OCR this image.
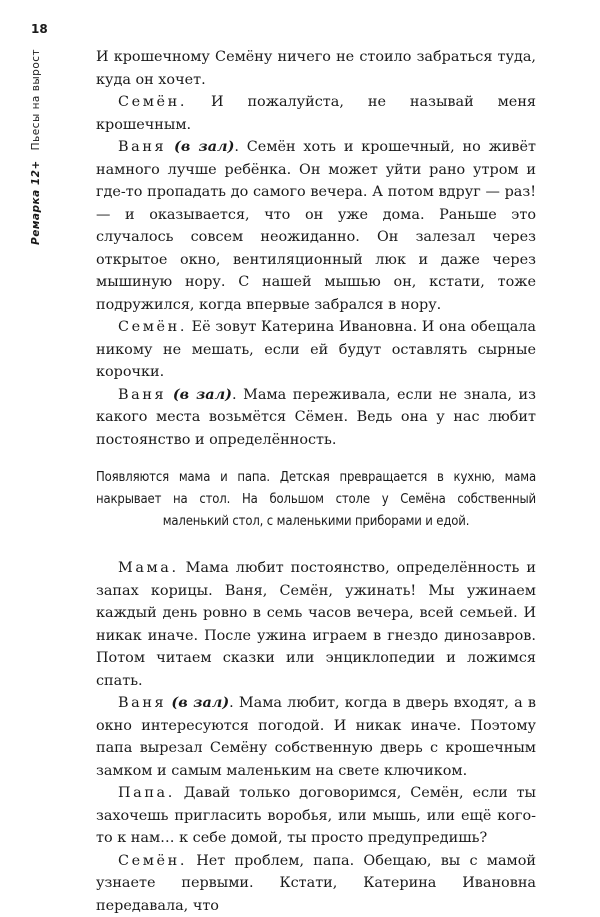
18
Ремарка 12+ Пьесы на вырост	И крошечному Семёну ничего не стоило забраться туда, куда он хочет.

Семён. И пожалуйста, не называй меня крошечным.

Ваня (в зал). Семён хоть и крошечный, но живёт намного лучше ребёнка. Он может уйти рано утром и где-то пропадать до самого вечера. А потом вдруг — раз! — и оказывается, что он уже дома. Раньше это случалось совсем неожиданно. Он залезал через открытое окно, вентиляционный люк и даже через мышиную нору. С нашей мышью он, кстати, тоже подружился, когда впервые забрался в нору.

Семён. Её зовут Катерина Ивановна. И она обещала никому не мешать, если ей будут оставлять сырные корочки.

Ваня (в зал). Мама переживала, если не знала, из какого места возьмётся Сёмен. Ведь она у нас любит постоянство и определённость.

Появляются мама и папа. Детская превращается в кухню, мама накрывает на стол. На большом столе у Семёна собственный маленький стол, с маленькими приборами и едой.

Мама. Мама любит постоянство, определённость и запах корицы. Ваня, Семён, ужинать! Мы ужинаем каждый день ровно в семь часов вечера, всей семьей. И никак иначе. После ужина играем в гнездо динозавров. Потом читаем сказки или энциклопедии и ложимся спать.

Ваня (в зал). Мама любит, когда в дверь входят, а в окно интересуются погодой. И никак иначе. Поэтому папа вырезал Семёну собственную дверь с крошечным замком и самым маленьким на свете ключиком.

Папа. Давай только договоримся, Семён, если ты захочешь пригласить воробья, или мышь, или ещё кого-то к нам… к себе домой, ты просто предупредишь?

Семён. Нет проблем, папа. Обещаю, вы с мамой узнаете первыми. Кстати, Катерина Ивановна передавала, что
